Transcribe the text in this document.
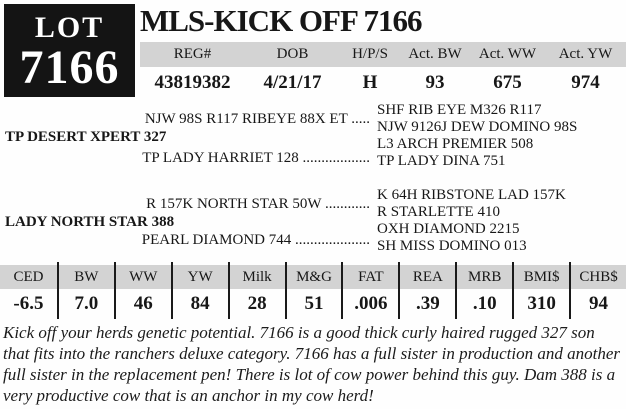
LOT
7166
MLS-KICK OFF 7166
REG#	DOB	H/P/S	Act. BW	Act. WW	Act. YW
43819382	4/21/17	H	93	675	974
NJW 98S R117 RIBEYE 88X ET .....
TP DESERT XPERT 327
TP LADY HARRIET 128 ..................
SHF RIB EYE M326 R117
NJW 9126J DEW DOMINO 98S
L3 ARCH PREMIER 508
TP LADY DINA 751
R 157K NORTH STAR 50W ............
LADY NORTH STAR 388
PEARL DIAMOND 744 ....................
K 64H RIBSTONE LAD 157K
R STARLETTE 410
OXH DIAMOND 2215
SH MISS DOMINO 013
CED	BW	WW	YW	Milk	M&G	FAT	REA	MRB	BMI$	CHB$
-6.5	7.0	46	84	28	51	.006	.39	.10	310	94

Kick off your herds genetic potential. 7166 is a good thick curly haired rugged 327 son that fits into the ranchers deluxe category. 7166 has a full sister in production and another full sister in the replacement pen! There is lot of cow power behind this guy. Dam 388 is a very productive cow that is an anchor in my cow herd!
